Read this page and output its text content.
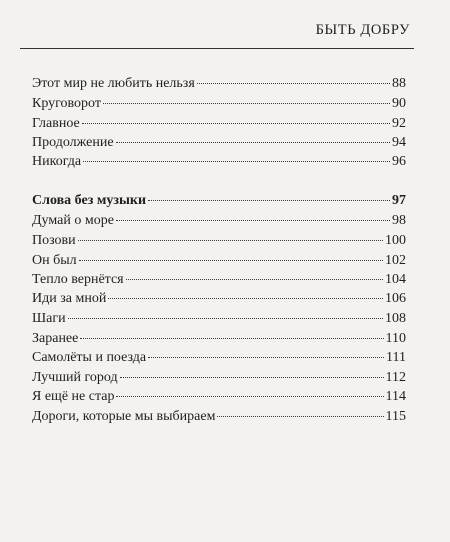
БЫТЬ ДОБРУ
Этот мир не любить нельзя	88
Круговорот	90
Главное	92
Продолжение	94
Никогда	96
Слова без музыки	97
Думай о море	98
Позови	100
Он был	102
Тепло вернётся	104
Иди за мной	106
Шаги	108
Заранее	110
Самолёты и поезда	111
Лучший город	112
Я ещё не стар	114
Дороги, которые мы выбираем	115
